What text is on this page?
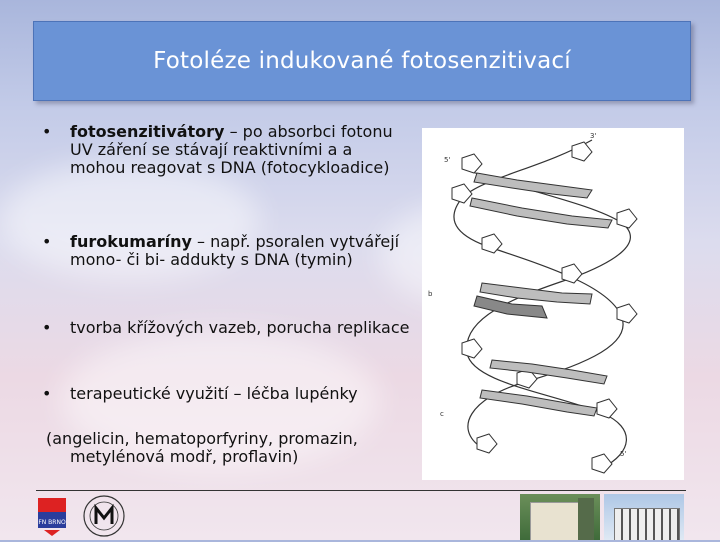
Fotoléze indukované fotosenzitivací
• fotosenzitivátory – po absorbci fotonu UV záření se stávají reaktivními a a mohou reagovat s DNA (fotocykloadice)
• furokumaríny – např. psoralen vytvářejí mono- či bi- addukty s DNA (tymin)
• tvorba křížových vazeb, porucha replikace
• terapeutické využití – léčba lupénky
(angelicin, hematoporfyriny, promazin,
metylénová modř, proflavin)
3'
5'
b
c
5'
FN BRNO
